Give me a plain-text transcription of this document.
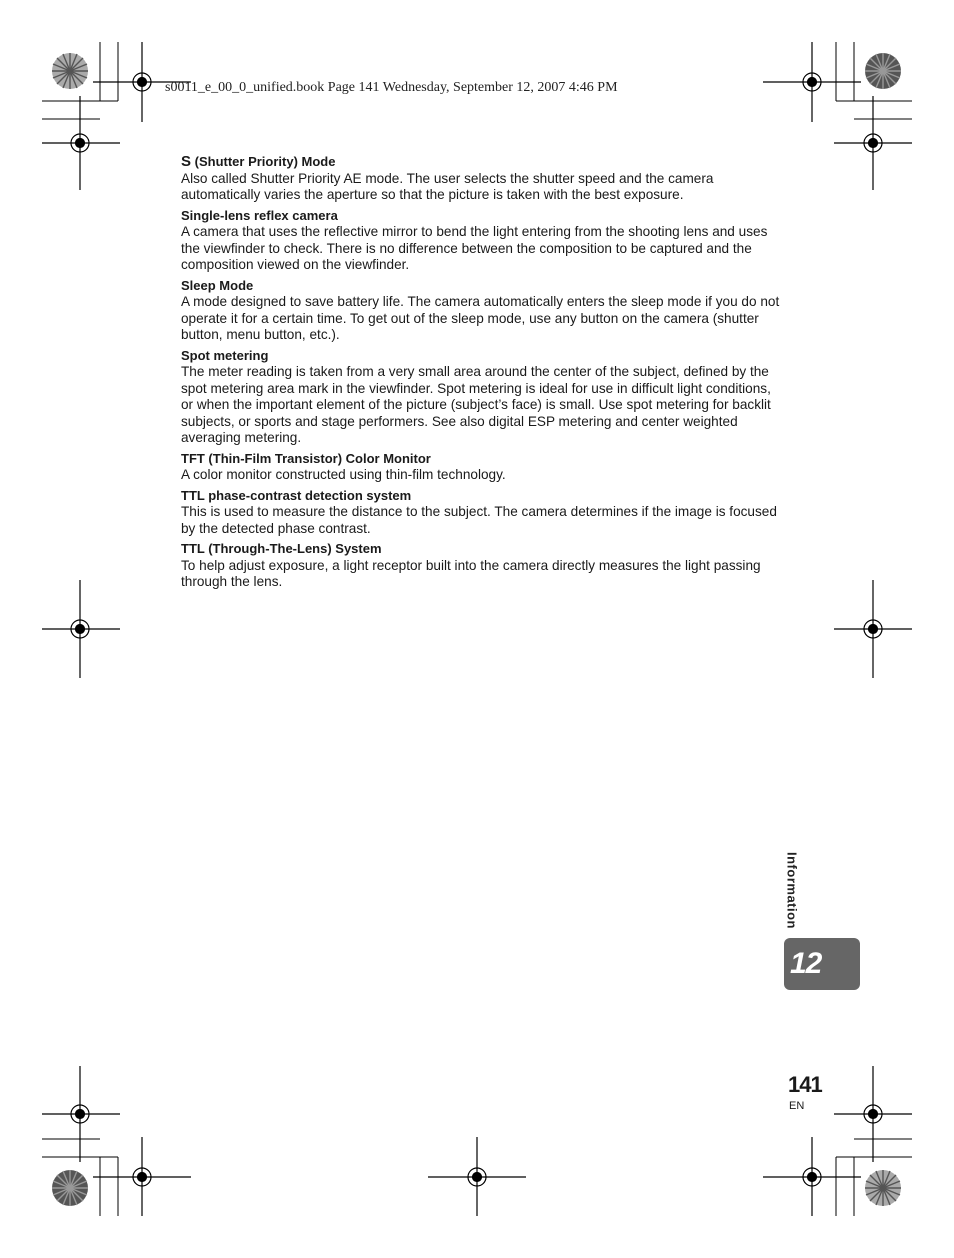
s0011_e_00_0_unified.book Page 141 Wednesday, September 12, 2007 4:46 PM

S (Shutter Priority) Mode

Also called Shutter Priority AE mode. The user selects the shutter speed and the camera automatically varies the aperture so that the picture is taken with the best exposure.

Single-lens reflex camera

A camera that uses the reflective mirror to bend the light entering from the shooting lens and uses the viewfinder to check. There is no difference between the composition to be captured and the composition viewed on the viewfinder.

Sleep Mode

A mode designed to save battery life. The camera automatically enters the sleep mode if you do not operate it for a certain time. To get out of the sleep mode, use any button on the camera (shutter button, menu button, etc.).

Spot metering

The meter reading is taken from a very small area around the center of the subject, defined by the spot metering area mark in the viewfinder. Spot metering is ideal for use in difficult light conditions, or when the important element of the picture (subject’s face) is small. Use spot metering for backlit subjects, or sports and stage performers. See also digital ESP metering and center weighted averaging metering.

TFT (Thin-Film Transistor) Color Monitor

A color monitor constructed using thin-film technology.

TTL phase-contrast detection system

This is used to measure the distance to the subject. The camera determines if the image is focused by the detected phase contrast.

TTL (Through-The-Lens) System

To help adjust exposure, a light receptor built into the camera directly measures the light passing through the lens.

Information
12

141

EN
